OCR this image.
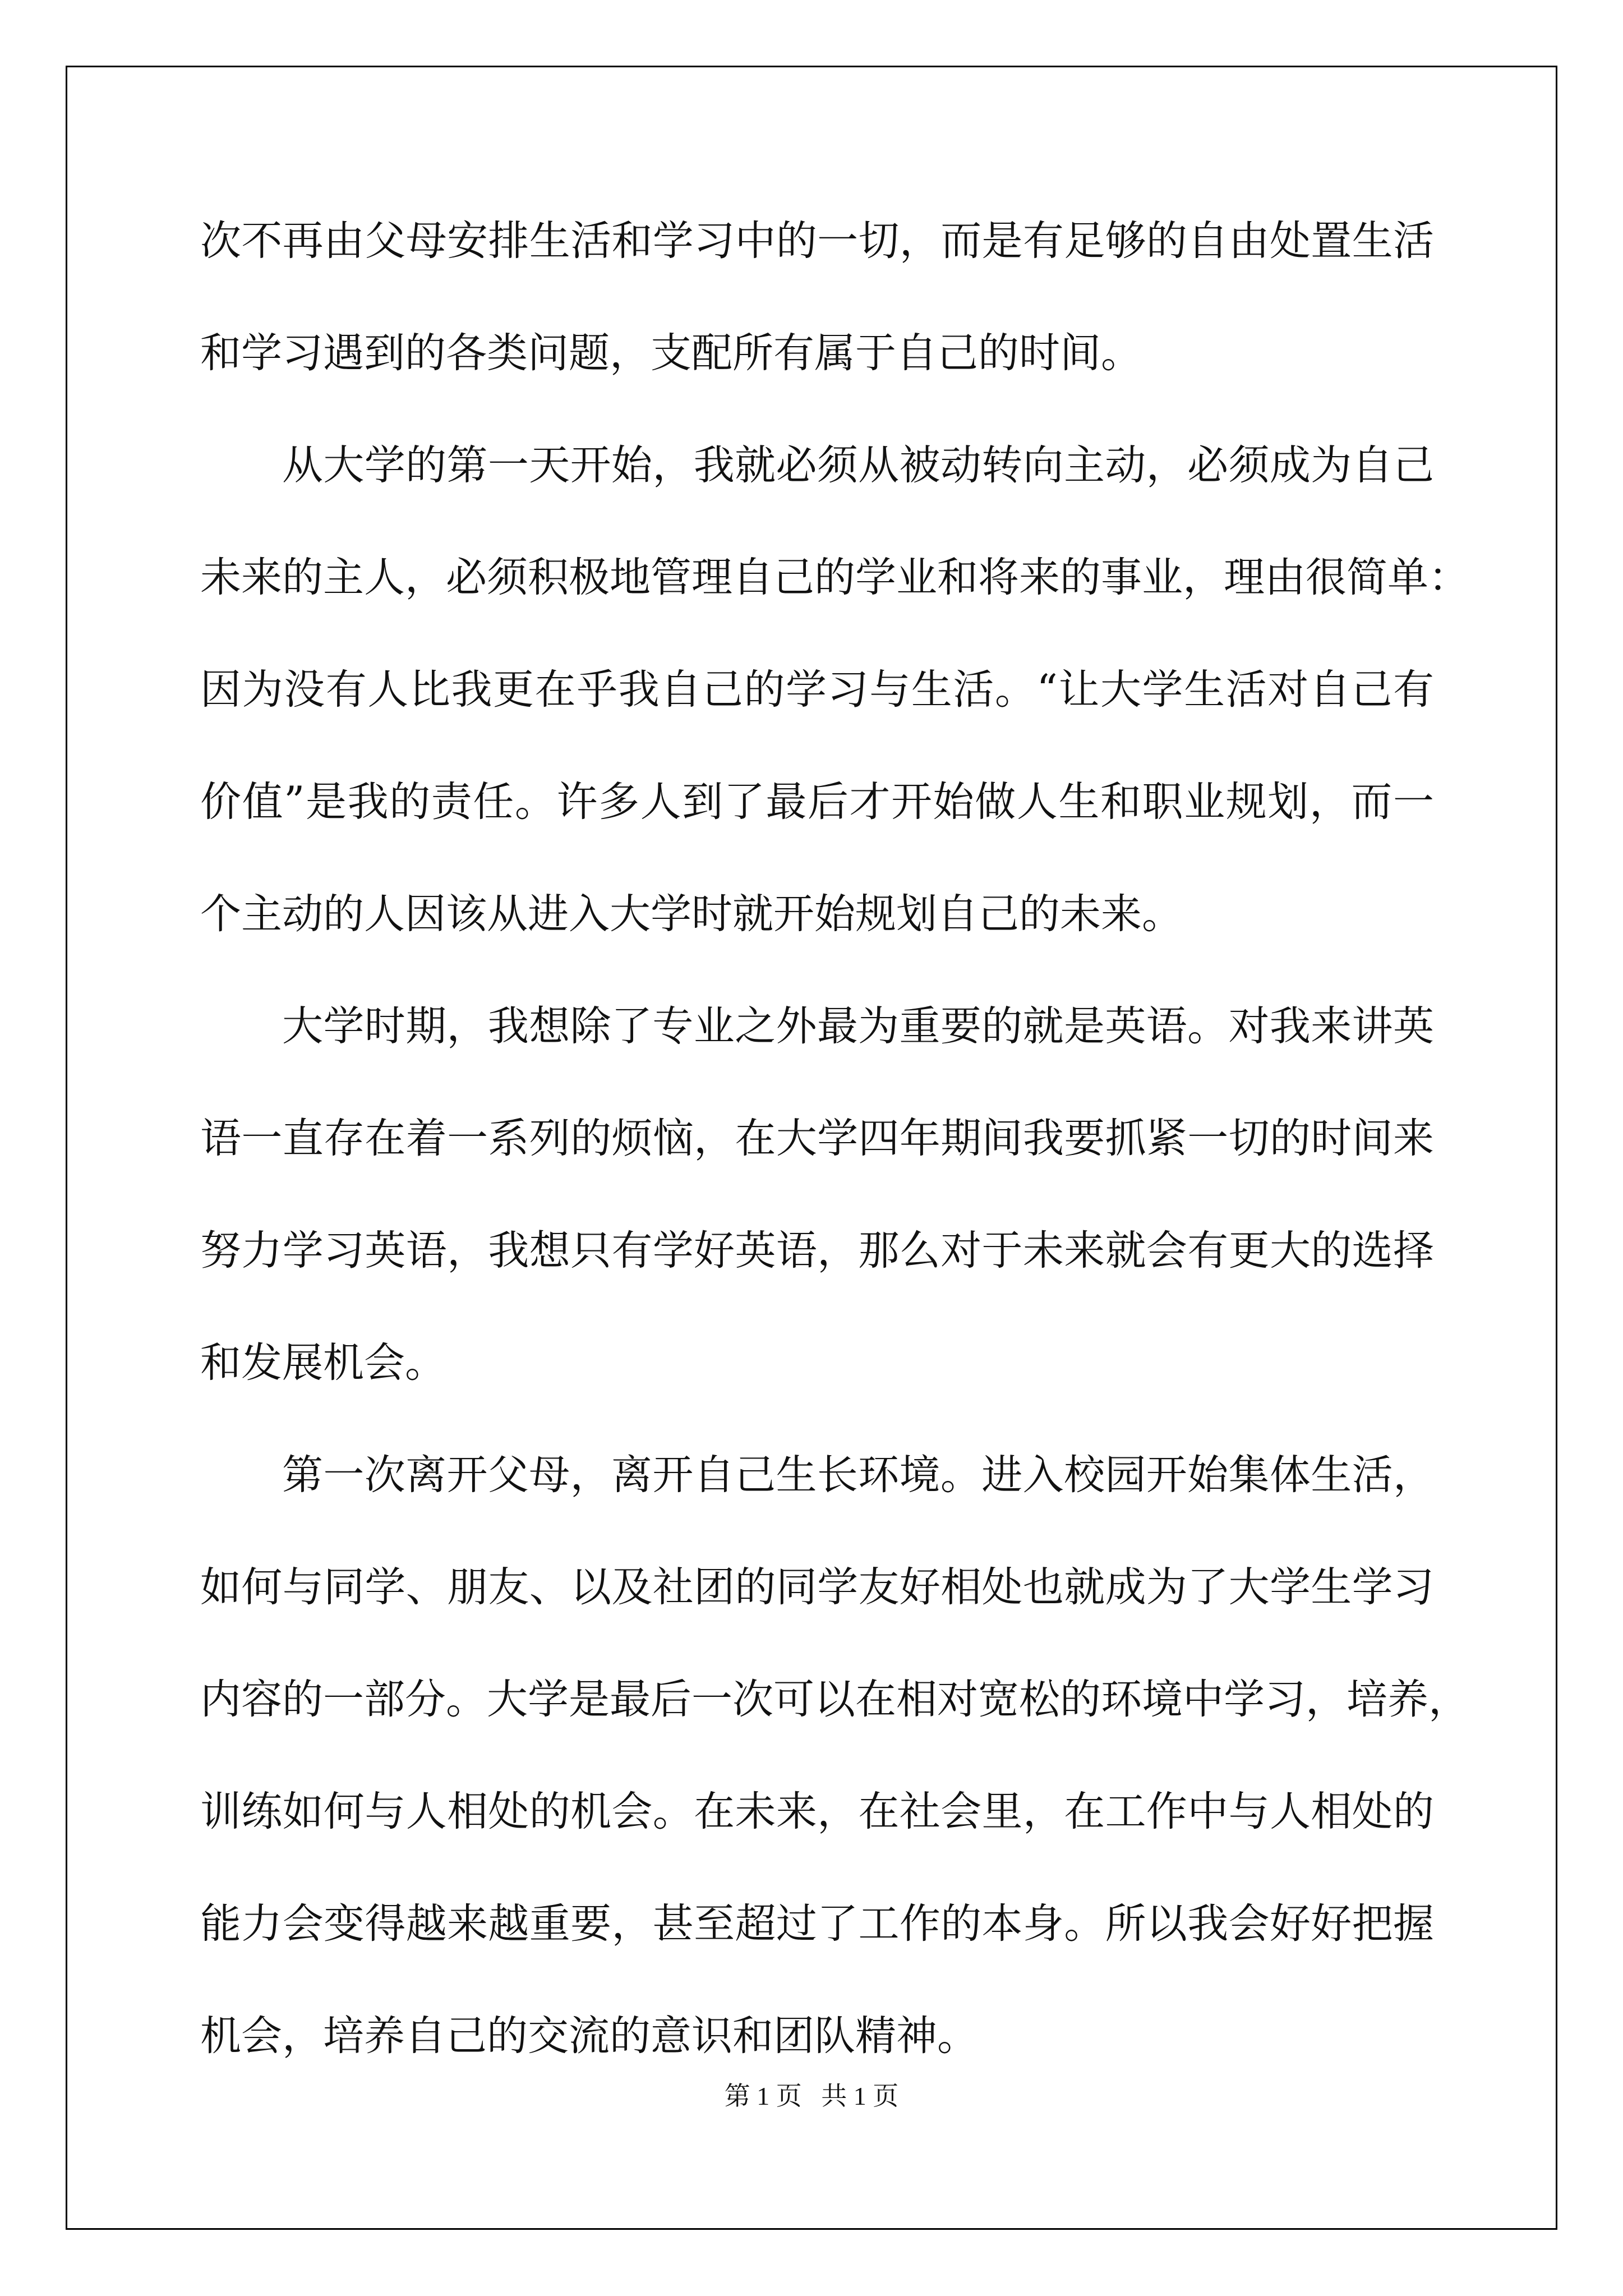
次不再由父母安排生活和学习中的一切，而是有足够的自由处置生活
和学习遇到的各类问题，支配所有属于自己的时间。
从大学的第一天开始，我就必须从被动转向主动，必须成为自己
未来的主人，必须积极地管理自己的学业和将来的事业，理由很简单：
因为没有人比我更在乎我自己的学习与生活。“让大学生活对自己有
价值”是我的责任。许多人到了最后才开始做人生和职业规划，而一
个主动的人因该从进入大学时就开始规划自己的未来。
大学时期，我想除了专业之外最为重要的就是英语。对我来讲英
语一直存在着一系列的烦恼，在大学四年期间我要抓紧一切的时间来
努力学习英语，我想只有学好英语，那么对于未来就会有更大的选择
和发展机会。
第一次离开父母，离开自己生长环境。进入校园开始集体生活，
如何与同学、朋友、以及社团的同学友好相处也就成为了大学生学习
内容的一部分。大学是最后一次可以在相对宽松的环境中学习，培养，
训练如何与人相处的机会。在未来，在社会里，在工作中与人相处的
能力会变得越来越重要，甚至超过了工作的本身。所以我会好好把握
机会，培养自己的交流的意识和团队精神。
第 1 页   共 1 页
